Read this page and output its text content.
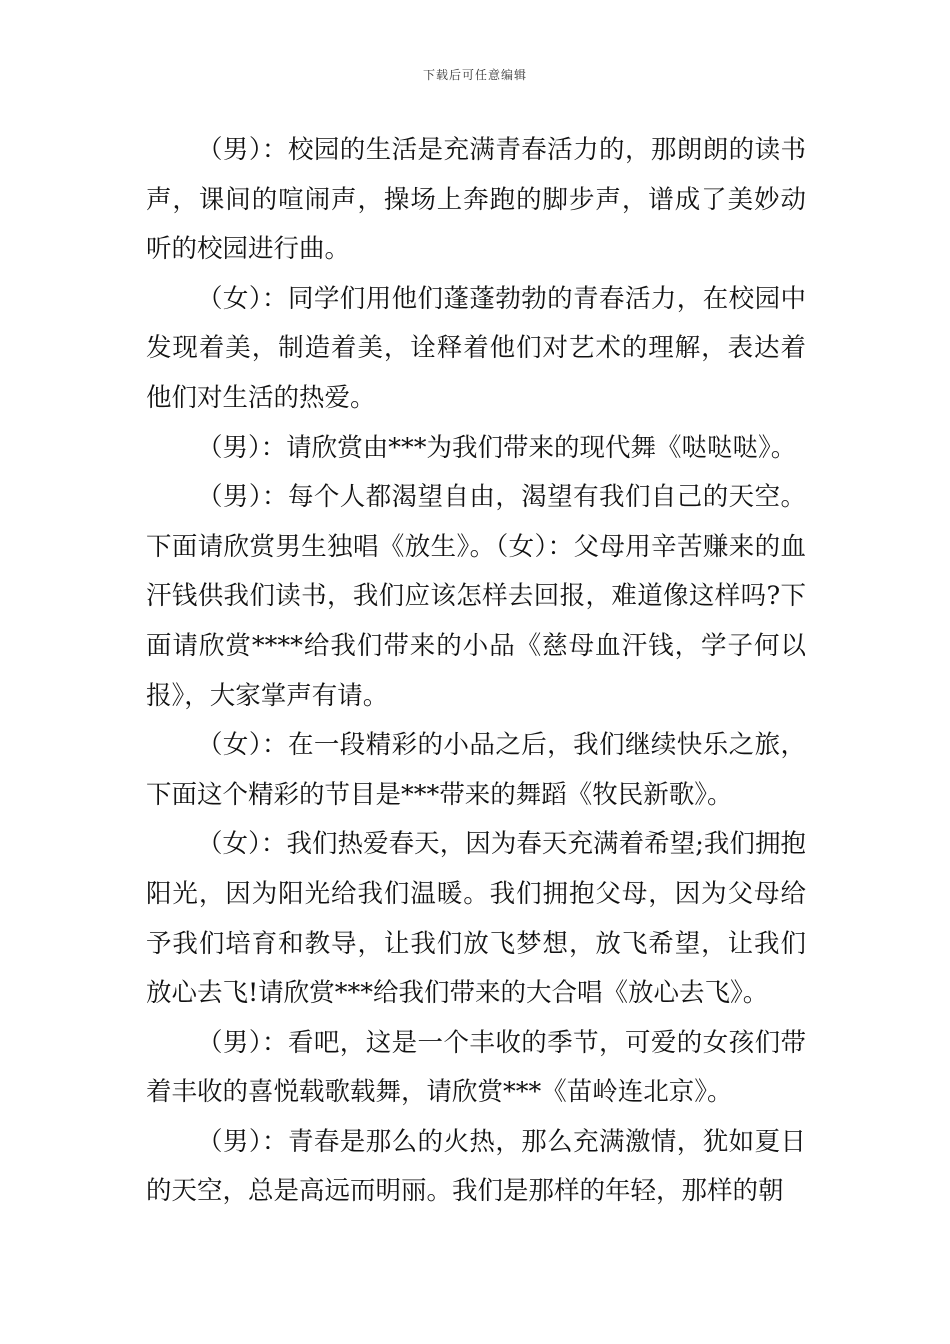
下载后可任意编辑

（男）：校园的生活是充满青春活力的，那朗朗的读书声，课间的喧闹声，操场上奔跑的脚步声，谱成了美妙动听的校园进行曲。

（女）：同学们用他们蓬蓬勃勃的青春活力，在校园中发现着美，制造着美，诠释着他们对艺术的理解，表达着他们对生活的热爱。

（男）：请欣赏由***为我们带来的现代舞《哒哒哒》。

（男）：每个人都渴望自由，渴望有我们自己的天空。下面请欣赏男生独唱《放生》。（女）：父母用辛苦赚来的血汗钱供我们读书，我们应该怎样去回报，难道像这样吗?下面请欣赏****给我们带来的小品《慈母血汗钱，学子何以报》，大家掌声有请。

（女）：在一段精彩的小品之后，我们继续快乐之旅，下面这个精彩的节目是***带来的舞蹈《牧民新歌》。

（女）：我们热爱春天，因为春天充满着希望;我们拥抱阳光，因为阳光给我们温暖。我们拥抱父母，因为父母给予我们培育和教导，让我们放飞梦想，放飞希望，让我们放心去飞!请欣赏***给我们带来的大合唱《放心去飞》。

（男）：看吧，这是一个丰收的季节，可爱的女孩们带着丰收的喜悦载歌载舞，请欣赏***《苗岭连北京》。

（男）：青春是那么的火热，那么充满激情，犹如夏日的天空，总是高远而明丽。我们是那样的年轻，那样的朝
